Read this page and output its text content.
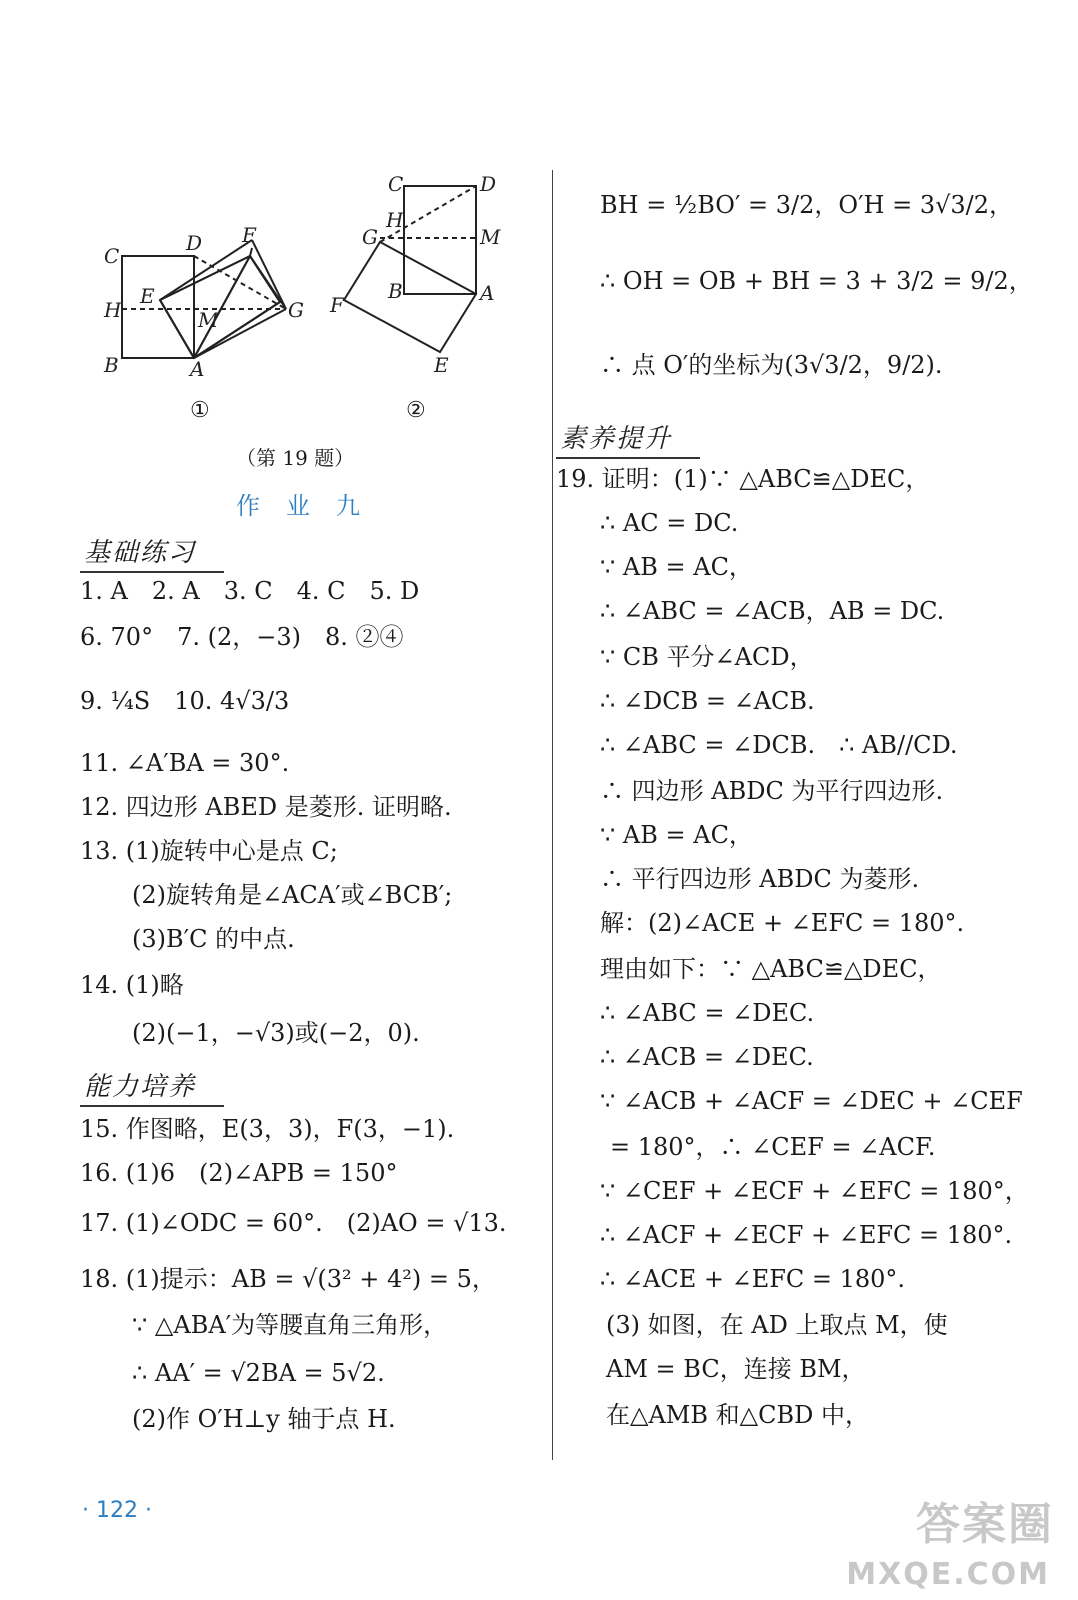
C
D F
H
E
M	G
B	A
C	D
H
G	M
F
B	A
E
①	②
（第 19 题）
作业九
基础练习
1. A　2. A　3. C　4. C　5. D
6. 70°　7. (2，−3)　8. ②④
9. ¼S　10. 4√3/3
11. ∠A′BA = 30°.
12. 四边形 ABED 是菱形. 证明略.
13. (1)旋转中心是点 C;
(2)旋转角是∠ACA′或∠BCB′;
(3)B′C 的中点.
14. (1)略
(2)(−1，−√3)或(−2，0).
能力培养
15. 作图略，E(3，3)，F(3，−1).
16. (1)6　(2)∠APB = 150°
17. (1)∠ODC = 60°.　(2)AO = √13.
18. (1)提示：AB = √(3² + 4²) = 5，
∵ △ABA′为等腰直角三角形，
∴ AA′ = √2BA = 5√2.
(2)作 O′H⊥y 轴于点 H.
BH = ½BO′ = 3/2，O′H = 3√3/2，
∴ OH = OB + BH = 3 + 3/2 = 9/2，
∴ 点 O′的坐标为(3√3/2，9/2).
素养提升
19. 证明：(1)∵ △ABC≌△DEC，
∴ AC = DC.
∵ AB = AC，
∴ ∠ABC = ∠ACB，AB = DC.
∵ CB 平分∠ACD，
∴ ∠DCB = ∠ACB.
∴ ∠ABC = ∠DCB.　∴ AB//CD.
∴ 四边形 ABDC 为平行四边形.
∵ AB = AC，
∴ 平行四边形 ABDC 为菱形.
解：(2)∠ACE + ∠EFC = 180°.
理由如下：∵ △ABC≌△DEC，
∴ ∠ABC = ∠DEC.
∴ ∠ACB = ∠DEC.
∵ ∠ACB + ∠ACF = ∠DEC + ∠CEF
= 180°，∴ ∠CEF = ∠ACF.
∵ ∠CEF + ∠ECF + ∠EFC = 180°，
∴ ∠ACF + ∠ECF + ∠EFC = 180°.
∴ ∠ACE + ∠EFC = 180°.
(3) 如图，在 AD 上取点 M，使
AM = BC，连接 BM，
在△AMB 和△CBD 中，
· 122 ·	答案圈
MXQE.COM
